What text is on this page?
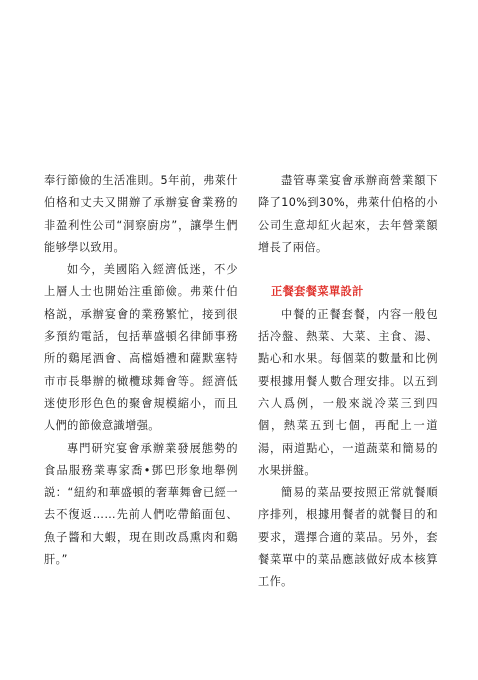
奉行節儉的生活准則。5年前，弗萊什伯格和丈夫又開辦了承辦宴會業務的非盈利性公司“洞察廚房”，讓學生們能够學以致用。

如今，美國陷入經濟低迷，不少上層人士也開始注重節儉。弗萊什伯格説，承辦宴會的業務繁忙，接到很多預約電話，包括華盛頓名律師事務所的鷄尾酒會、高檔婚禮和薩默塞特市市長舉辦的橄欖球舞會等。經濟低迷使形形色色的聚會規模縮小，而且人們的節儉意識增强。

專門研究宴會承辦業發展態勢的食品服務業專家喬•鄧巴形象地舉例説：“紐約和華盛頓的奢華舞會已經一去不復返……先前人們吃帶餡面包、魚子醬和大蝦，現在則改爲熏肉和鷄肝。”

盡管專業宴會承辦商營業額下降了10%到30%，弗萊什伯格的小公司生意却紅火起來，去年營業額增長了兩倍。

正餐套餐菜單設計

中餐的正餐套餐，内容一般包括冷盤、熱菜、大菜、主食、湯、點心和水果。每個菜的數量和比例要根據用餐人數合理安排。以五到六人爲例，一般來説冷菜三到四個，熱菜五到七個，再配上一道湯，兩道點心，一道蔬菜和簡易的水果拼盤。

簡易的菜品要按照正常就餐順序排列，根據用餐者的就餐目的和要求，選擇合適的菜品。另外，套餐菜單中的菜品應該做好成本核算工作。
